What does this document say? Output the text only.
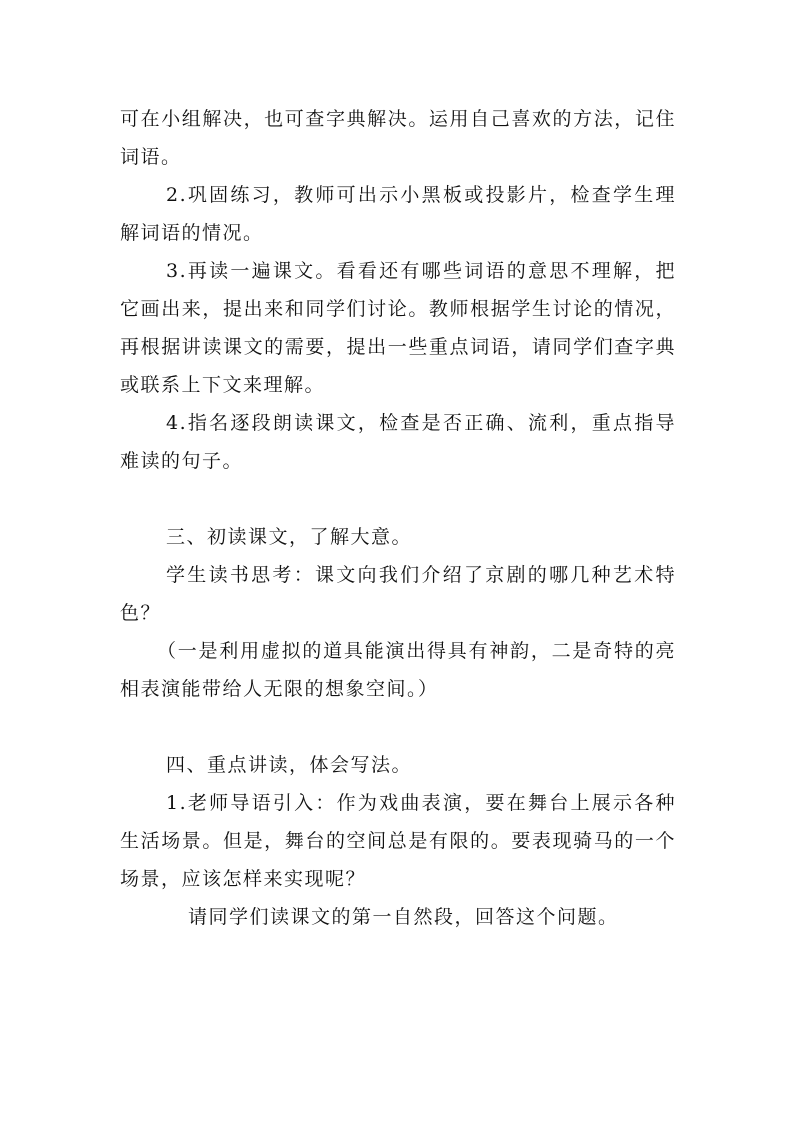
可在小组解决，也可查字典解决。运用自己喜欢的方法，记住词语。

2.巩固练习，教师可出示小黑板或投影片，检查学生理解词语的情况。

3.再读一遍课文。看看还有哪些词语的意思不理解，把它画出来，提出来和同学们讨论。教师根据学生讨论的情况，再根据讲读课文的需要，提出一些重点词语，请同学们查字典或联系上下文来理解。

4.指名逐段朗读课文，检查是否正确、流利，重点指导难读的句子。

三、初读课文，了解大意。

学生读书思考：课文向我们介绍了京剧的哪几种艺术特色？

（一是利用虚拟的道具能演出得具有神韵，二是奇特的亮相表演能带给人无限的想象空间。）

四、重点讲读，体会写法。

1.老师导语引入：作为戏曲表演，要在舞台上展示各种生活场景。但是，舞台的空间总是有限的。要表现骑马的一个场景，应该怎样来实现呢？

请同学们读课文的第一自然段，回答这个问题。
